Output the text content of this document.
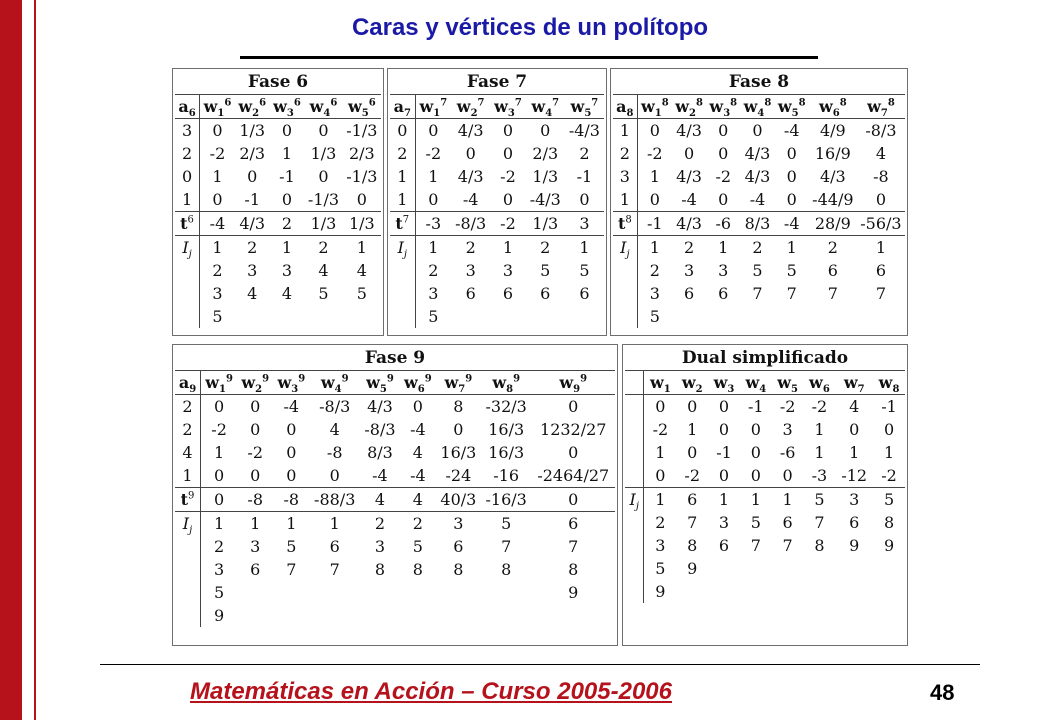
Caras y vértices de un polítopo
Fase 6					
$a_6$	$w_1^6$	$w_2^6$	$w_3^6$	$w_4^6$	$w_5^6$
3	0	1/3	0	0	-1/3
2	-2	2/3	1	1/3	2/3
0	1	0	-1	0	-1/3
1	0	-1	0	-1/3	0
$t^6$	-4	4/3	2	1/3	1/3
$I_j$	1	2	1	2	1
	2	3	3	4	4
	3	4	4	5	5
	5				
Fase 7					
$a_7$	$w_1^7$	$w_2^7$	$w_3^7$	$w_4^7$	$w_5^7$
0	0	4/3	0	0	-4/3
2	-2	0	0	2/3	2
1	1	4/3	-2	1/3	-1
1	0	-4	0	-4/3	0
$t^7$	-3	-8/3	-2	1/3	3
$I_j$	1	2	1	2	1
	2	3	3	5	5
	3	6	6	6	6
	5				
Fase 8							
$a_8$	$w_1^8$	$w_2^8$	$w_3^8$	$w_4^8$	$w_5^8$	$w_6^8$	$w_7^8$
1	0	4/3	0	0	-4	4/9	-8/3
2	-2	0	0	4/3	0	16/9	4
3	1	4/3	-2	4/3	0	4/3	-8
1	0	-4	0	-4	0	-44/9	0
$t^8$	-1	4/3	-6	8/3	-4	28/9	-56/3
$I_j$	1	2	1	2	1	2	1
	2	3	3	5	5	6	6
	3	6	6	7	7	7	7
	5						
Fase 9									
$a_9$	$w_1^9$	$w_2^9$	$w_3^9$	$w_4^9$	$w_5^9$	$w_6^9$	$w_7^9$	$w_8^9$	$w_9^9$
2	0	0	-4	-8/3	4/3	0	8	-32/3	0
2	-2	0	0	4	-8/3	-4	0	16/3	1232/27
4	1	-2	0	-8	8/3	4	16/3	16/3	0
1	0	0	0	0	-4	-4	-24	-16	-2464/27
$t^9$	0	-8	-8	-88/3	4	4	40/3	-16/3	0
$I_j$	1	1	1	1	2	2	3	5	6
	2	3	5	6	3	5	6	7	7
	3	6	7	7	8	8	8	8	8
	5								9
	9								
Dual simplificado								
	$w_1$	$w_2$	$w_3$	$w_4$	$w_5$	$w_6$	$w_7$	$w_8$
	0	0	0	-1	-2	-2	4	-1
	-2	1	0	0	3	1	0	0
	1	0	-1	0	-6	1	1	1
	0	-2	0	0	0	-3	-12	-2
$I_j$	1	6	1	1	1	5	3	5
	2	7	3	5	6	7	6	8
	3	8	6	7	7	8	9	9
	5	9						
	9							
Matemáticas en Acción – Curso 2005-2006	48
